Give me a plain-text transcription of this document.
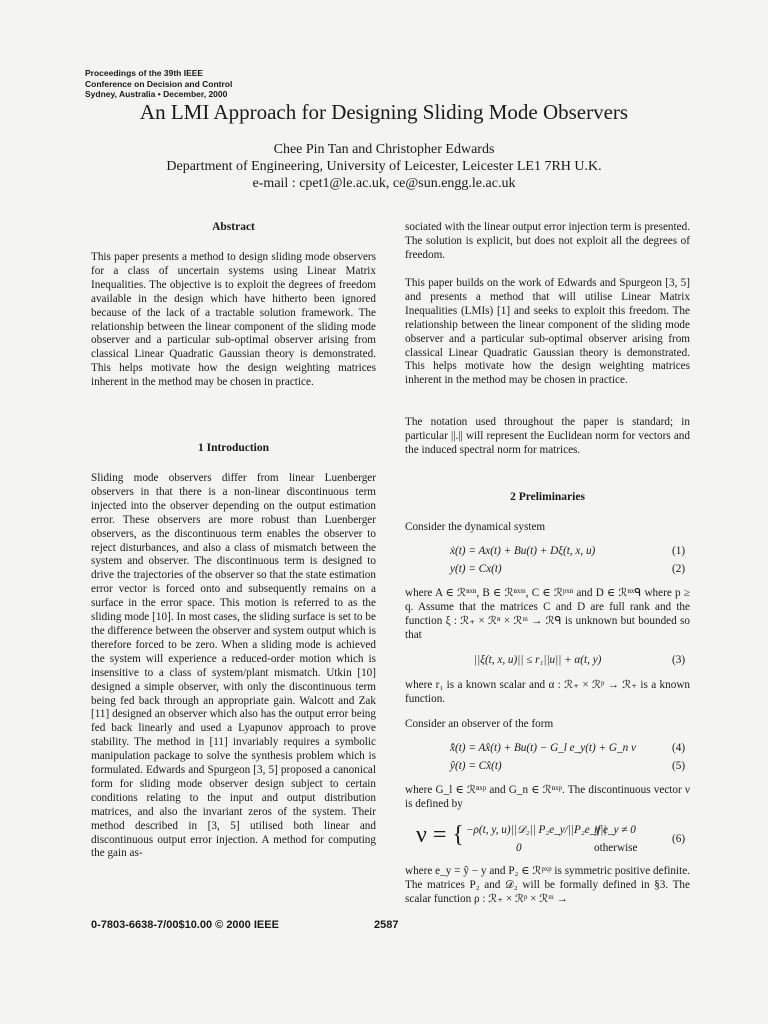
Proceedings of the 39th IEEE
Conference on Decision and Control
Sydney, Australia • December, 2000
An LMI Approach for Designing Sliding Mode Observers
Chee Pin Tan and Christopher Edwards
Department of Engineering, University of Leicester, Leicester LE1 7RH U.K.
e-mail : cpet1@le.ac.uk, ce@sun.engg.le.ac.uk
Abstract

This paper presents a method to design sliding mode observers for a class of uncertain systems using Linear Matrix Inequalities. The objective is to exploit the degrees of freedom available in the design which have hitherto been ignored because of the lack of a tractable solution framework. The relationship between the linear component of the sliding mode observer and a particular sub-optimal observer arising from classical Linear Quadratic Gaussian theory is demonstrated. This helps motivate how the design weighting matrices inherent in the method may be chosen in practice.

1 Introduction

Sliding mode observers differ from linear Luenberger observers in that there is a non-linear discontinuous term injected into the observer depending on the output estimation error. These observers are more robust than Luenberger observers, as the discontinuous term enables the observer to reject disturbances, and also a class of mismatch between the system and observer. The discontinuous term is designed to drive the trajectories of the observer so that the state estimation error vector is forced onto and subsequently remains on a surface in the error space. This motion is referred to as the sliding mode [10]. In most cases, the sliding surface is set to be the difference between the observer and system output which is therefore forced to be zero. When a sliding mode is achieved the system will experience a reduced-order motion which is insensitive to a class of system/plant mismatch. Utkin [10] designed a simple observer, with only the discontinuous term being fed back through an appropriate gain. Walcott and Zak [11] designed an observer which also has the output error being fed back linearly and used a Lyapunov approach to prove stability. The method in [11] invariably requires a symbolic manipulation package to solve the synthesis problem which is formulated. Edwards and Spurgeon [3, 5] proposed a canonical form for sliding mode observer design subject to certain conditions relating to the input and output distribution matrices, and also the invariant zeros of the system. Their method described in [3, 5] utilised both linear and discontinuous output error injection. A method for computing the gain as-

sociated with the linear output error injection term is presented. The solution is explicit, but does not exploit all the degrees of freedom.

This paper builds on the work of Edwards and Spurgeon [3, 5] and presents a method that will utilise Linear Matrix Inequalities (LMIs) [1] and seeks to exploit this freedom. The relationship between the linear component of the sliding mode observer and a particular sub-optimal observer arising from classical Linear Quadratic Gaussian theory is demonstrated. This helps motivate how the design weighting matrices inherent in the method may be chosen in practice.

The notation used throughout the paper is standard; in particular ||.|| will represent the Euclidean norm for vectors and the induced spectral norm for matrices.

2 Preliminaries

Consider the dynamical system

ẋ(t) = Ax(t) + Bu(t) + Dξ(t, x, u)	(1)
y(t) = Cx(t)	(2)

where A ∈ ℛⁿˣⁿ, B ∈ ℛⁿˣᵐ, C ∈ ℛᵖˣⁿ and D ∈ ℛⁿˣᑫ where p ≥ q. Assume that the matrices C and D are full rank and the function ξ : ℛ₊ × ℛⁿ × ℛᵐ → ℛᑫ is unknown but bounded so that

||ξ(t, x, u)|| ≤ r₁||u|| + α(t, y)	(3)

where r₁ is a known scalar and α : ℛ₊ × ℛᵖ → ℛ₊ is a known function.

Consider an observer of the form

x̂̇(t) = Ax̂(t) + Bu(t) − G_l e_y(t) + G_n ν	(4)
ŷ(t) = Cx̂(t)	(5)

where G_l ∈ ℛⁿˣᵖ and G_n ∈ ℛⁿˣᵖ. The discontinuous vector ν is defined by

ν = { −ρ(t, y, u)||𝒟₂|| P₂e_y/||P₂e_y||
if e_y ≠ 0
0	otherwise
(6)

where e_y = ŷ − y and P₂ ∈ ℛᵖˣᵖ is symmetric positive definite. The matrices P₂ and 𝒟₂ will be formally defined in §3. The scalar function ρ : ℛ₊ × ℛᵖ × ℛᵐ →

0-7803-6638-7/00$10.00 © 2000 IEEE	2587
